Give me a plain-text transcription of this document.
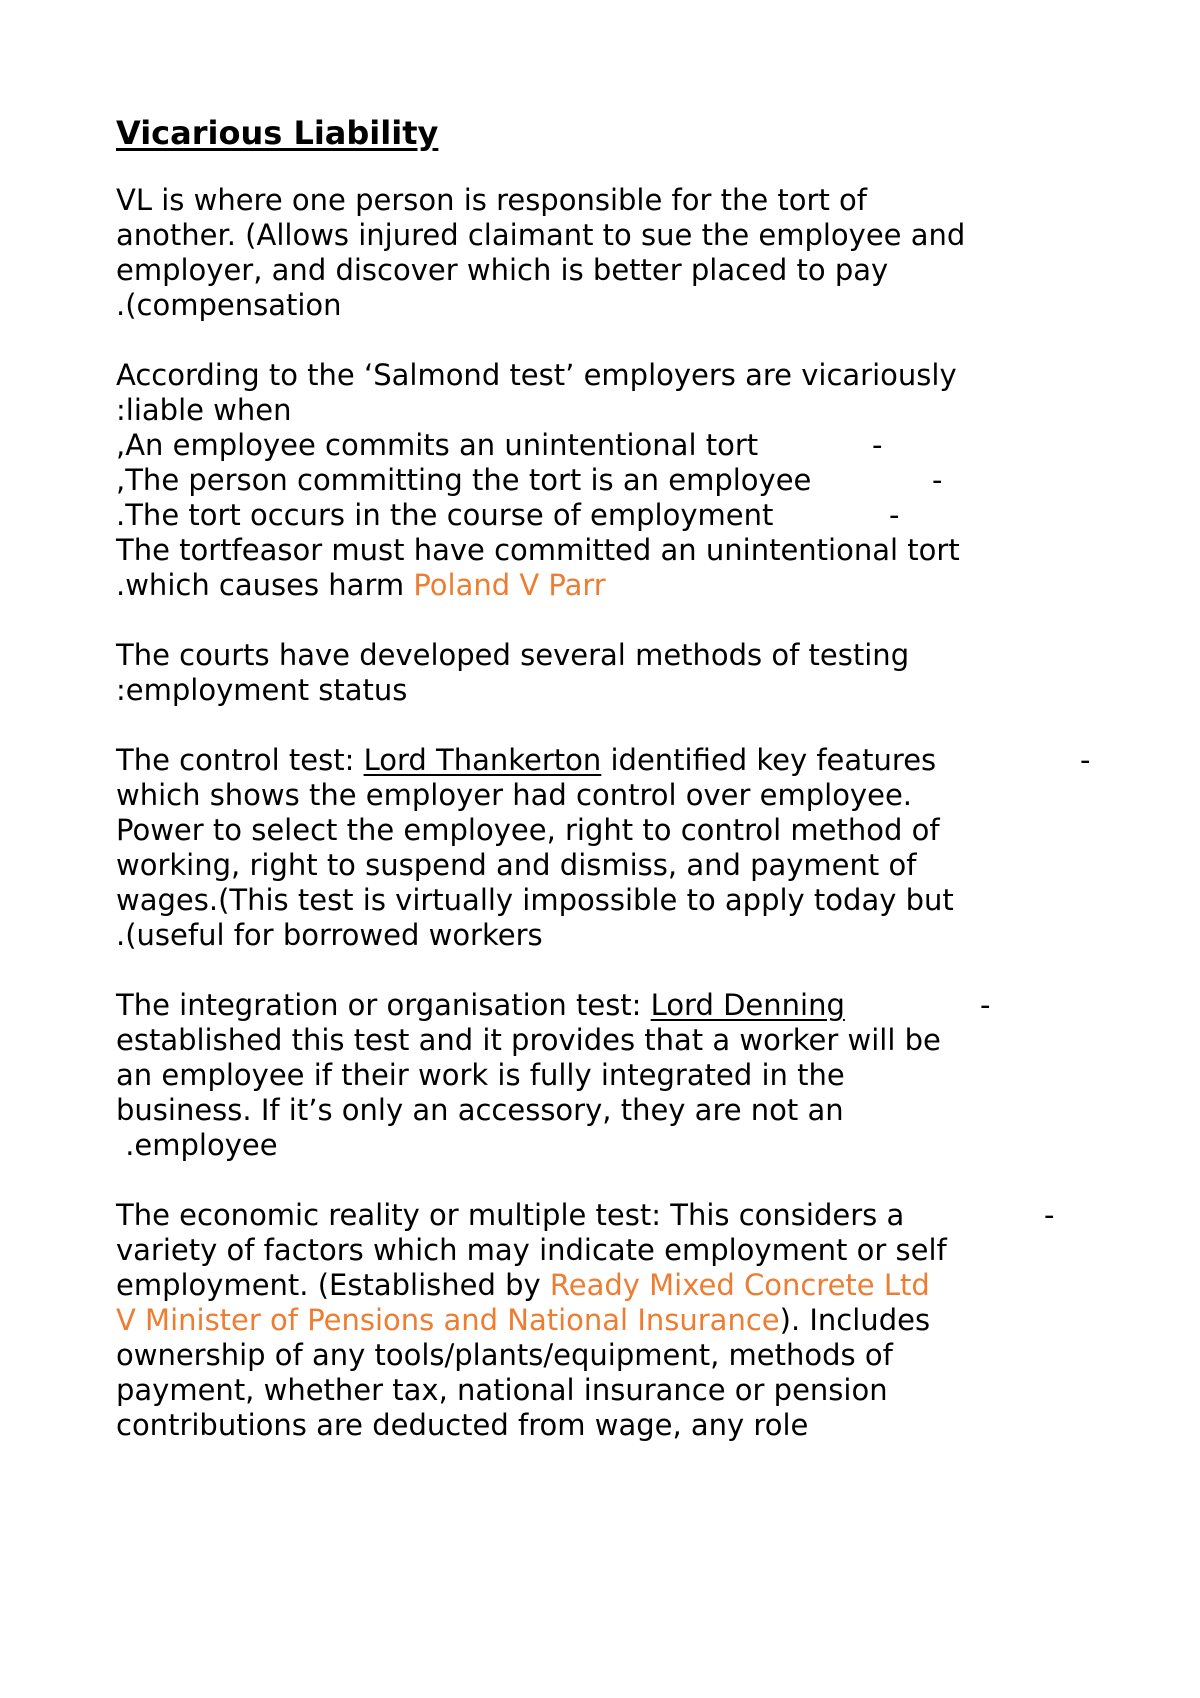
Vicarious Liability
VL is where one person is responsible for the tort of
another. (Allows injured claimant to sue the employee and
employer, and discover which is better placed to pay
.(compensation
According to the ‘Salmond test’ employers are vicariously
:liable when
,An employee commits an unintentional tort	-
,The person committing the tort is an employee	-
.The tort occurs in the course of employment	-
The tortfeasor must have committed an unintentional tort
.which causes harm Poland V Parr
The courts have developed several methods of testing
:employment status
The control test: Lord Thankerton identified key features	-
which shows the employer had control over employee.
Power to select the employee, right to control method of
working, right to suspend and dismiss, and payment of
wages.(This test is virtually impossible to apply today but
.(useful for borrowed workers
The integration or organisation test: Lord Denning	-
established this test and it provides that a worker will be
an employee if their work is fully integrated in the
business. If it’s only an accessory, they are not an
.employee
The economic reality or multiple test: This considers a	-
variety of factors which may indicate employment or self
employment. (Established by Ready Mixed Concrete Ltd
V Minister of Pensions and National Insurance). Includes
ownership of any tools/plants/equipment, methods of
payment, whether tax, national insurance or pension
contributions are deducted from wage, any role
